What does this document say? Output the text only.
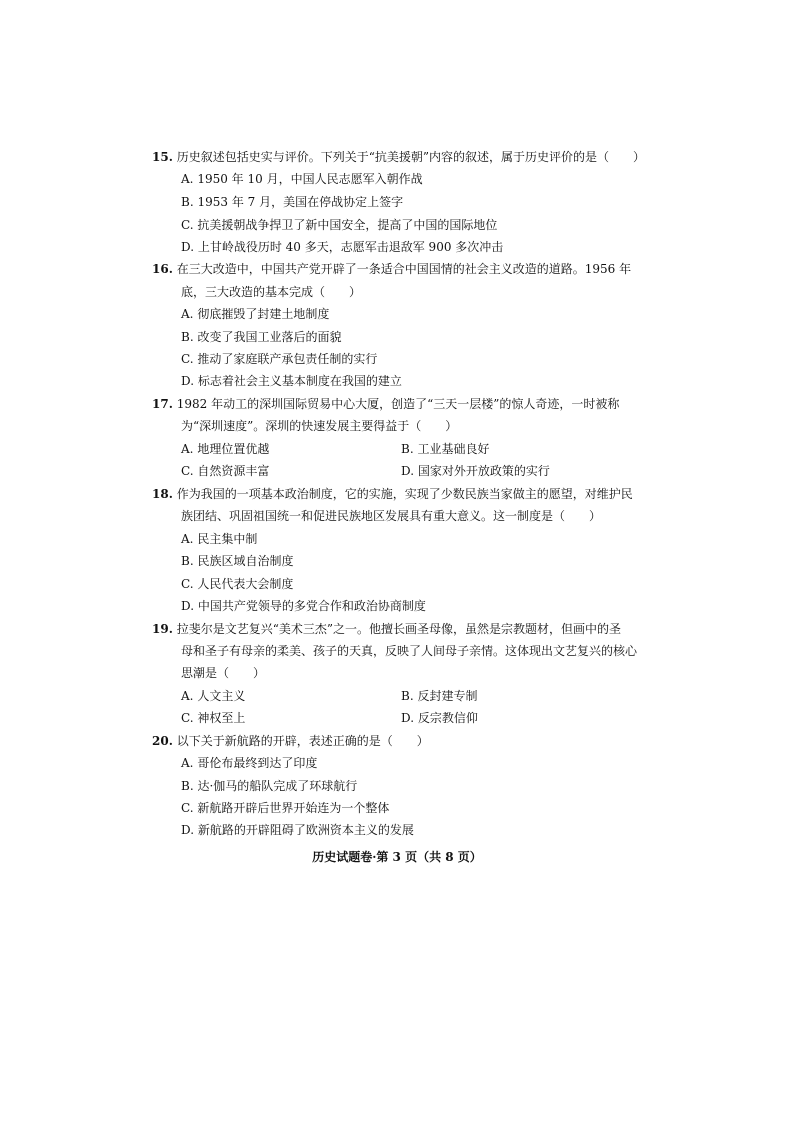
15. 历史叙述包括史实与评价。下列关于“抗美援朝”内容的叙述，属于历史评价的是（　　）
A. 1950 年 10 月，中国人民志愿军入朝作战
B. 1953 年 7 月，美国在停战协定上签字
C. 抗美援朝战争捍卫了新中国安全，提高了中国的国际地位
D. 上甘岭战役历时 40 多天，志愿军击退敌军 900 多次冲击
16. 在三大改造中，中国共产党开辟了一条适合中国国情的社会主义改造的道路。1956 年
底，三大改造的基本完成（　　）
A. 彻底摧毁了封建土地制度
B. 改变了我国工业落后的面貌
C. 推动了家庭联产承包责任制的实行
D. 标志着社会主义基本制度在我国的建立
17. 1982 年动工的深圳国际贸易中心大厦，创造了“三天一层楼”的惊人奇迹，一时被称
为“深圳速度”。深圳的快速发展主要得益于（　　）
A. 地理位置优越	B. 工业基础良好
C. 自然资源丰富	D. 国家对外开放政策的实行
18. 作为我国的一项基本政治制度，它的实施，实现了少数民族当家做主的愿望，对维护民
族团结、巩固祖国统一和促进民族地区发展具有重大意义。这一制度是（　　）
A. 民主集中制
B. 民族区域自治制度
C. 人民代表大会制度
D. 中国共产党领导的多党合作和政治协商制度
19. 拉斐尔是文艺复兴“美术三杰”之一。他擅长画圣母像，虽然是宗教题材，但画中的圣
母和圣子有母亲的柔美、孩子的天真，反映了人间母子亲情。这体现出文艺复兴的核心
思潮是（　　）
A. 人文主义	B. 反封建专制
C. 神权至上	D. 反宗教信仰
20. 以下关于新航路的开辟，表述正确的是（　　）
A. 哥伦布最终到达了印度
B. 达·伽马的船队完成了环球航行
C. 新航路开辟后世界开始连为一个整体
D. 新航路的开辟阻碍了欧洲资本主义的发展
历史试题卷·第 3 页（共 8 页）
